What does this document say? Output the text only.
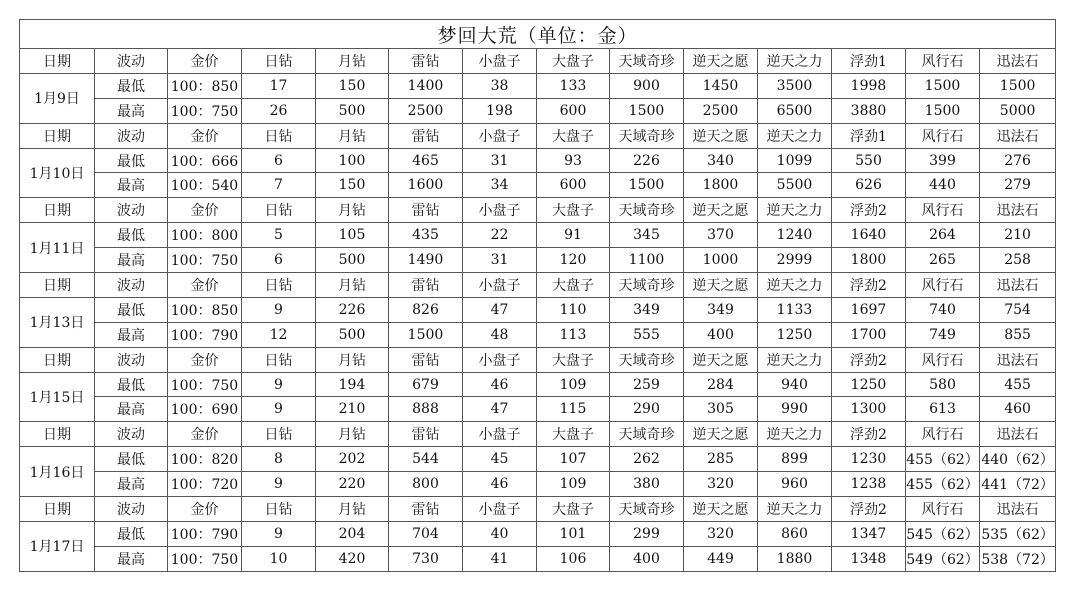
梦回大荒（单位：金）													
日期	波动	金价	日钻	月钻	雷钻	小盘子	大盘子	天域奇珍	逆天之愿	逆天之力	浮劲1	风行石	迅法石
1月9日	最低	100：850	17	150	1400	38	133	900	1450	3500	1998	1500	1500
	最高	100：750	26	500	2500	198	600	1500	2500	6500	3880	1500	5000
日期	波动	金价	日钻	月钻	雷钻	小盘子	大盘子	天域奇珍	逆天之愿	逆天之力	浮劲1	风行石	迅法石
1月10日	最低	100：666	6	100	465	31	93	226	340	1099	550	399	276
	最高	100：540	7	150	1600	34	600	1500	1800	5500	626	440	279
日期	波动	金价	日钻	月钻	雷钻	小盘子	大盘子	天域奇珍	逆天之愿	逆天之力	浮劲2	风行石	迅法石
1月11日	最低	100：800	5	105	435	22	91	345	370	1240	1640	264	210
	最高	100：750	6	500	1490	31	120	1100	1000	2999	1800	265	258
日期	波动	金价	日钻	月钻	雷钻	小盘子	大盘子	天域奇珍	逆天之愿	逆天之力	浮劲2	风行石	迅法石
1月13日	最低	100：850	9	226	826	47	110	349	349	1133	1697	740	754
	最高	100：790	12	500	1500	48	113	555	400	1250	1700	749	855
日期	波动	金价	日钻	月钻	雷钻	小盘子	大盘子	天域奇珍	逆天之愿	逆天之力	浮劲2	风行石	迅法石
1月15日	最低	100：750	9	194	679	46	109	259	284	940	1250	580	455
	最高	100：690	9	210	888	47	115	290	305	990	1300	613	460
日期	波动	金价	日钻	月钻	雷钻	小盘子	大盘子	天域奇珍	逆天之愿	逆天之力	浮劲2	风行石	迅法石
1月16日	最低	100：820	8	202	544	45	107	262	285	899	1230	455（62）	440（62）
	最高	100：720	9	220	800	46	109	380	320	960	1238	455（62）	441（72）
日期	波动	金价	日钻	月钻	雷钻	小盘子	大盘子	天域奇珍	逆天之愿	逆天之力	浮劲2	风行石	迅法石
1月17日	最低	100：790	9	204	704	40	101	299	320	860	1347	545（62）	535（62）
	最高	100：750	10	420	730	41	106	400	449	1880	1348	549（62）	538（72）
